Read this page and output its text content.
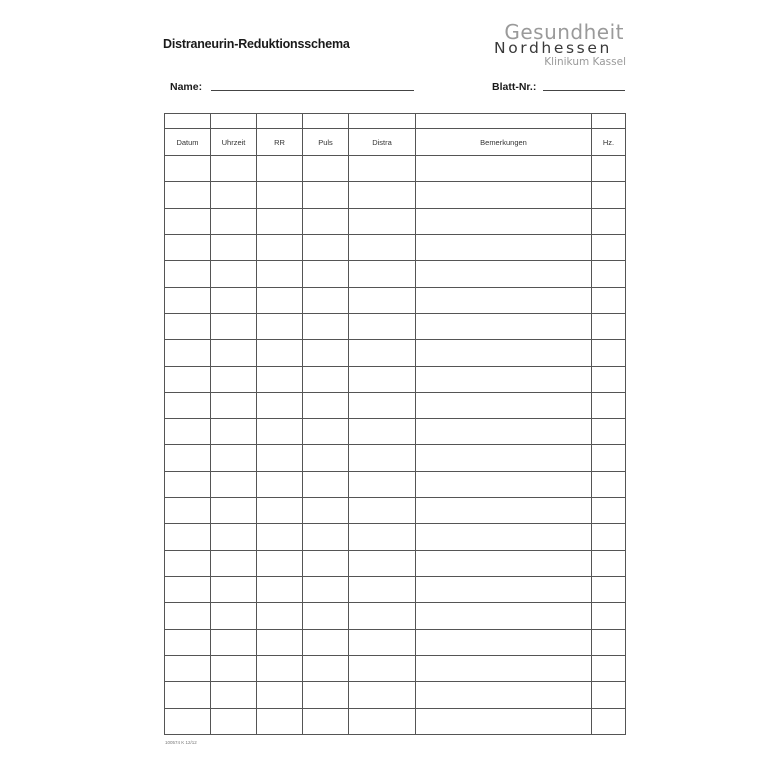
Distraneurin-Reduktionsschema	Gesundheit
Nordhessen
Klinikum Kassel
Name:	Blatt-Nr.:

Datum	Uhrzeit	RR	Puls	Distra	Bemerkungen	Hz.

100574 K 12/12
